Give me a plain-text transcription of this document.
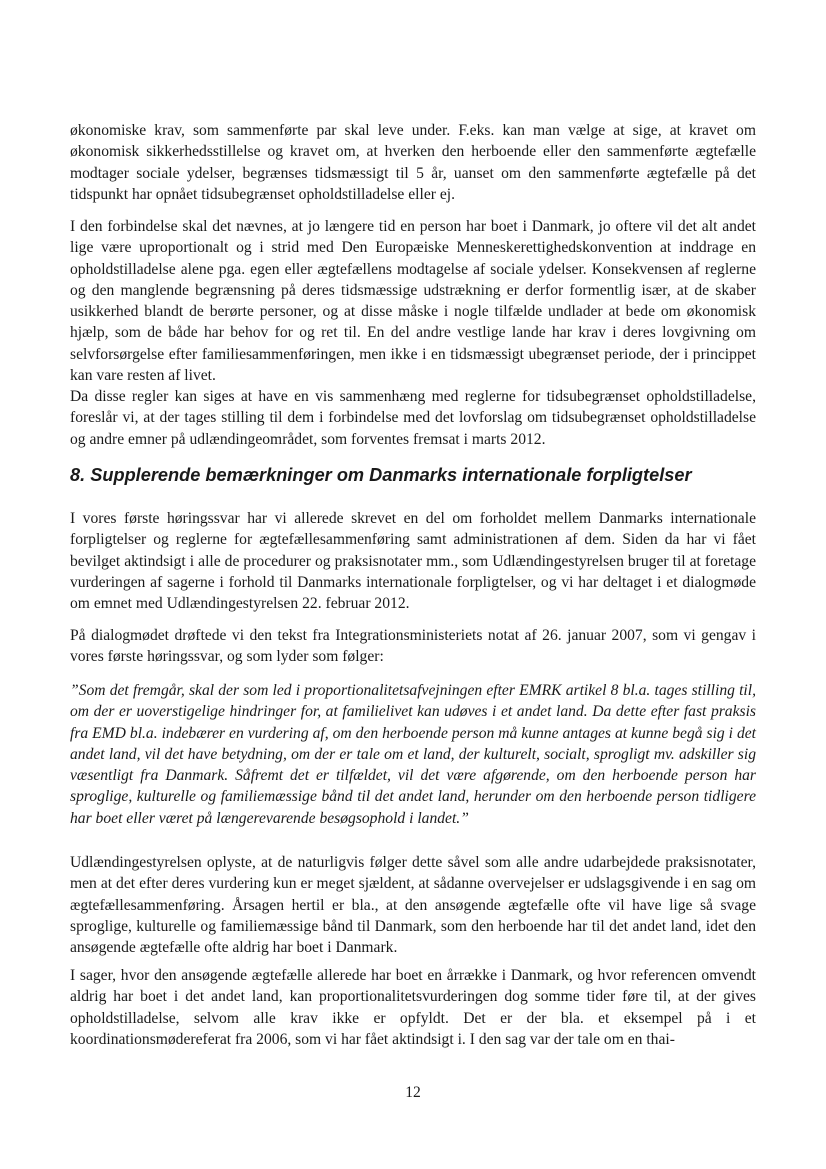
økonomiske krav, som sammenførte par skal leve under. F.eks. kan man vælge at sige, at kravet om økonomisk sikkerhedsstillelse og kravet om, at hverken den herboende eller den sammenførte ægtefælle modtager sociale ydelser, begrænses tidsmæssigt til 5 år, uanset om den sammenførte ægtefælle på det tidspunkt har opnået tidsubegrænset opholdstilladelse eller ej.

I den forbindelse skal det nævnes, at jo længere tid en person har boet i Danmark, jo oftere vil det alt andet lige være uproportionalt og i strid med Den Europæiske Menneskerettighedskonvention at inddrage en opholdstilladelse alene pga. egen eller ægtefællens modtagelse af sociale ydelser. Konsekvensen af reglerne og den manglende begrænsning på deres tidsmæssige udstrækning er derfor formentlig især, at de skaber usikkerhed blandt de berørte personer, og at disse måske i nogle tilfælde undlader at bede om økonomisk hjælp, som de både har behov for og ret til. En del andre vestlige lande har krav i deres lovgivning om selvforsørgelse efter familiesammenføringen, men ikke i en tidsmæssigt ubegrænset periode, der i princippet kan vare resten af livet.

Da disse regler kan siges at have en vis sammenhæng med reglerne for tidsubegrænset opholdstilladelse, foreslår vi, at der tages stilling til dem i forbindelse med det lovforslag om tidsubegrænset opholdstilladelse og andre emner på udlændingeområdet, som forventes fremsat i marts 2012.

8. Supplerende bemærkninger om Danmarks internationale forpligtelser

I vores første høringssvar har vi allerede skrevet en del om forholdet mellem Danmarks internationale forpligtelser og reglerne for ægtefællesammenføring samt administrationen af dem. Siden da har vi fået bevilget aktindsigt i alle de procedurer og praksisnotater mm., som Udlændingestyrelsen bruger til at foretage vurderingen af sagerne i forhold til Danmarks internationale forpligtelser, og vi har deltaget i et dialogmøde om emnet med Udlændingestyrelsen 22. februar 2012.

På dialogmødet drøftede vi den tekst fra Integrationsministeriets notat af 26. januar 2007, som vi gengav i vores første høringssvar, og som lyder som følger:

”Som det fremgår, skal der som led i proportionalitetsafvejningen efter EMRK artikel 8 bl.a. tages stilling til, om der er uoverstigelige hindringer for, at familielivet kan udøves i et andet land. Da dette efter fast praksis fra EMD bl.a. indebærer en vurdering af, om den herboende person må kunne antages at kunne begå sig i det andet land, vil det have betydning, om der er tale om et land, der kulturelt, socialt, sprogligt mv. adskiller sig væsentligt fra Danmark. Såfremt det er tilfældet, vil det være afgørende, om den herboende person har sproglige, kulturelle og familiemæssige bånd til det andet land, herunder om den herboende person tidligere har boet eller været på længerevarende besøgsophold i landet.”

Udlændingestyrelsen oplyste, at de naturligvis følger dette såvel som alle andre udarbejdede praksisnotater, men at det efter deres vurdering kun er meget sjældent, at sådanne overvejelser er udslagsgivende i en sag om ægtefællesammenføring. Årsagen hertil er bla., at den ansøgende ægtefælle ofte vil have lige så svage sproglige, kulturelle og familiemæssige bånd til Danmark, som den herboende har til det andet land, idet den ansøgende ægtefælle ofte aldrig har boet i Danmark.

I sager, hvor den ansøgende ægtefælle allerede har boet en årrække i Danmark, og hvor referencen omvendt aldrig har boet i det andet land, kan proportionalitetsvurderingen dog somme tider føre til, at der gives opholdstilladelse, selvom alle krav ikke er opfyldt. Det er der bla. et eksempel på i et koordinationsmødereferat fra 2006, som vi har fået aktindsigt i. I den sag var der tale om en thai-

12
